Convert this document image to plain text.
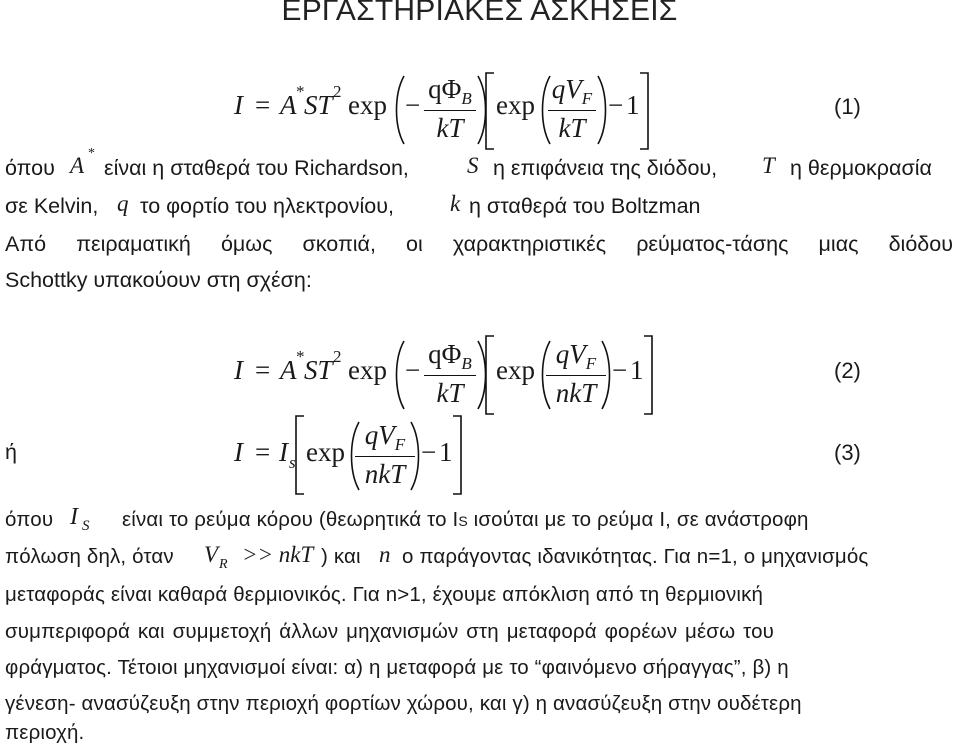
ΕΡΓΑΣΤΗΡΙΑΚΕΣ ΑΣΚΗΣΕΙΣ
I = A * ST 2 exp −
$q\Phi_B$
kT
exp
$qV_F$
kT
− 1	(1)
όπου A *
είναι η σταθερά του Richardson,	S η επιφάνεια της διόδου, T η θερμοκρασία
σε Kelvin, q το φορτίο του ηλεκτρονίου, k η σταθερά του Boltzman
Από πειραματική όμως σκοπιά, οι χαρακτηριστικές ρεύματος-τάσης μιας διόδου
Schottky υπακούουν στη σχέση:
I = A * ST 2 exp −
$q\Phi_B$
kT
exp
$qV_F$
nkT
− 1	(2)
ή	I = I s exp
$qV_F$
nkT
− 1	(3)
όπου I S είναι το ρεύμα κόρου (θεωρητικά το IS ισούται με το ρεύμα I, σε ανάστροφη
πόλωση δηλ, όταν V R >> nkT ) και n ο παράγοντας ιδανικότητας. Για n=1, ο μηχανισμός
μεταφοράς είναι καθαρά θερμιονικός. Για n>1, έχουμε απόκλιση από τη θερμιονική
συμπεριφορά και συμμετοχή άλλων μηχανισμών στη μεταφορά φορέων μέσω του
φράγματος. Τέτοιοι μηχανισμοί είναι: α) η μεταφορά με το “φαινόμενο σήραγγας”, β) η
γένεση- ανασύζευξη στην περιοχή φορτίων χώρου, και γ) η ανασύζευξη στην ουδέτερη
περιοχή.
